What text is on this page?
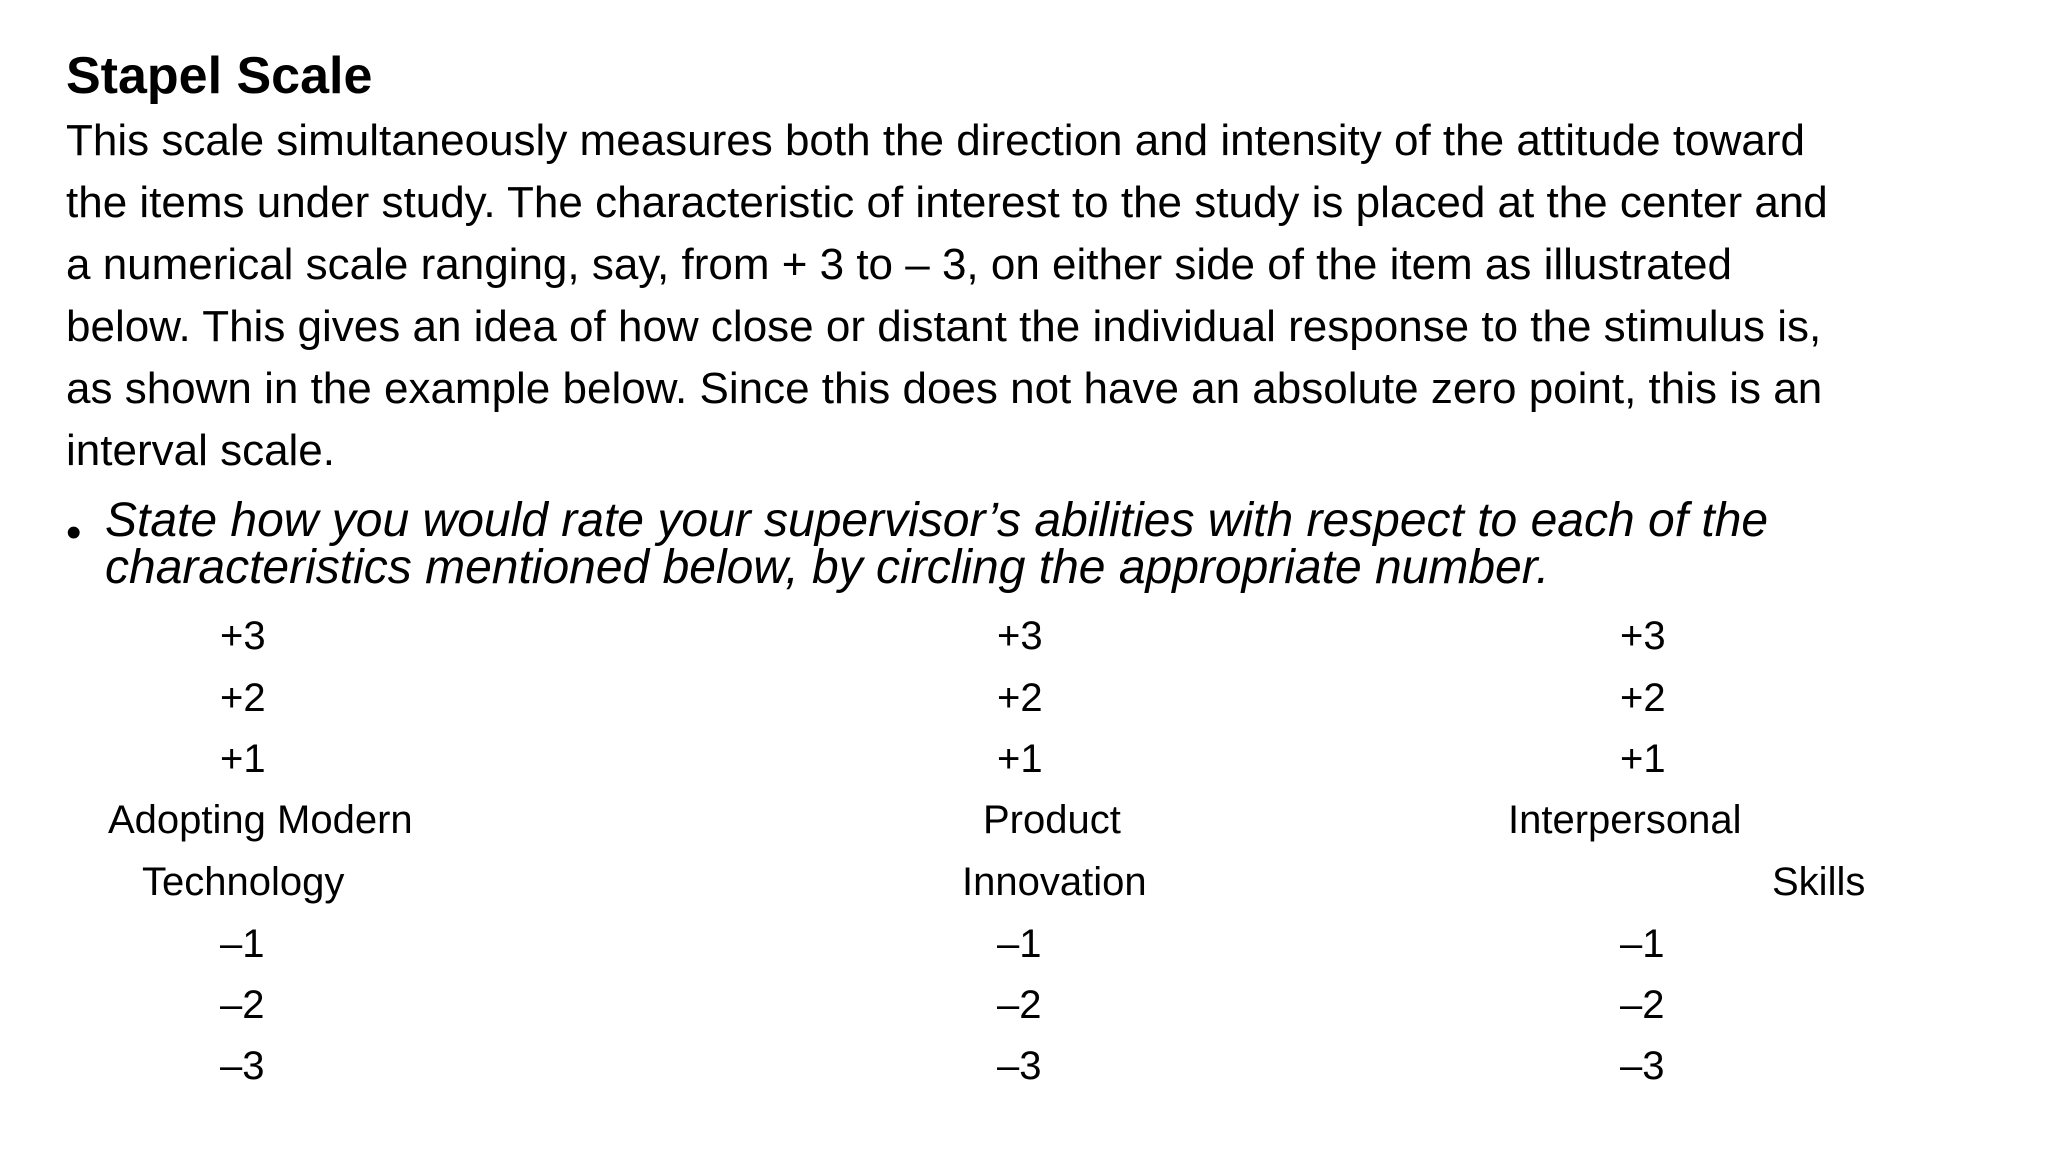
Stapel Scale
This scale simultaneously measures both the direction and intensity of the attitude toward
the items under study. The characteristic of interest to the study is placed at the center and
a numerical scale ranging, say, from + 3 to – 3, on either side of the item as illustrated
below. This gives an idea of how close or distant the individual response to the stimulus is,
as shown in the example below. Since this does not have an absolute zero point, this is an
interval scale.
• State how you would rate your supervisor’s abilities with respect to each of the
characteristics mentioned below, by circling the appropriate number.
+3
+2
+1
Adopting Modern
Technology
–1
–2
–3
+3
+2
+1
Product
Innovation
–1
–2
–3
+3
+2
+1
Interpersonal
Skills
–1
–2
–3
